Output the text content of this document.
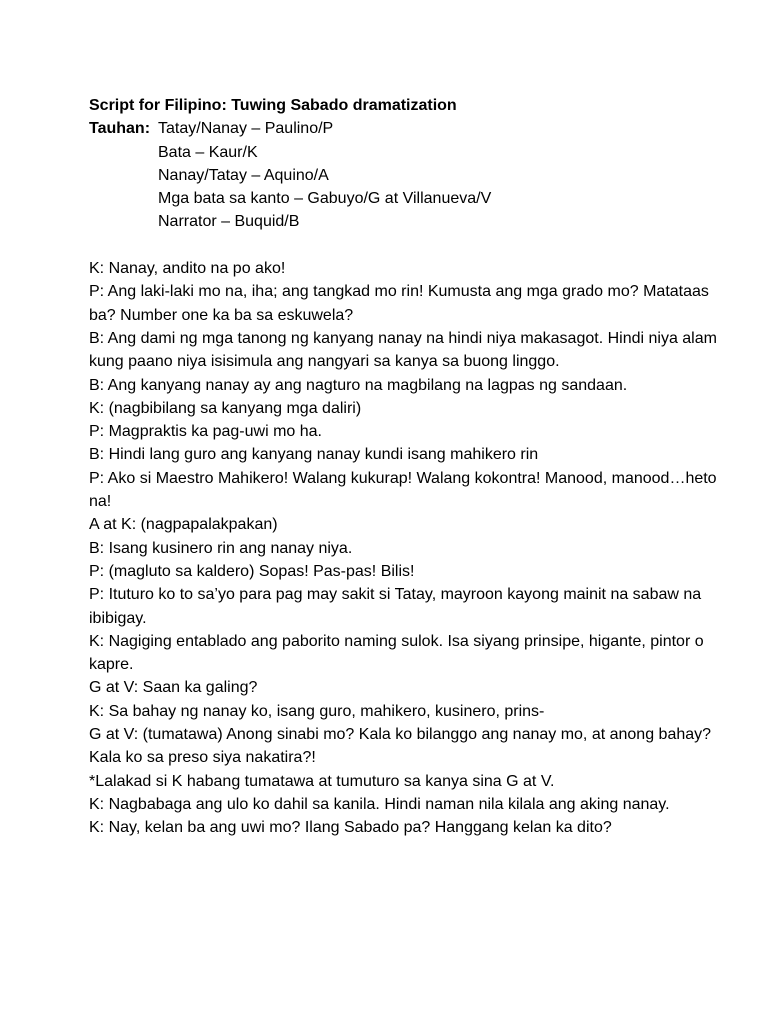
Script for Filipino: Tuwing Sabado dramatization
Tauhan: Tatay/Nanay – Paulino/P
Bata – Kaur/K
Nanay/Tatay – Aquino/A
Mga bata sa kanto – Gabuyo/G at Villanueva/V
Narrator – Buquid/B

K: Nanay, andito na po ako!

P: Ang laki-laki mo na, iha; ang tangkad mo rin! Kumusta ang mga grado mo? Matataas ba? Number one ka ba sa eskuwela?

B: Ang dami ng mga tanong ng kanyang nanay na hindi niya makasagot. Hindi niya alam kung paano niya isisimula ang nangyari sa kanya sa buong linggo.

B: Ang kanyang nanay ay ang nagturo na magbilang na lagpas ng sandaan.

K: (nagbibilang sa kanyang mga daliri)

P: Magpraktis ka pag-uwi mo ha.

B: Hindi lang guro ang kanyang nanay kundi isang mahikero rin

P: Ako si Maestro Mahikero! Walang kukurap! Walang kokontra! Manood, manood…heto na!

A at K: (nagpapalakpakan)

B: Isang kusinero rin ang nanay niya.

P: (magluto sa kaldero) Sopas! Pas-pas! Bilis!

P: Ituturo ko to sa’yo para pag may sakit si Tatay, mayroon kayong mainit na sabaw na ibibigay.

K: Nagiging entablado ang paborito naming sulok. Isa siyang prinsipe, higante, pintor o kapre.

G at V: Saan ka galing?

K: Sa bahay ng nanay ko, isang guro, mahikero, kusinero, prins-

G at V: (tumatawa) Anong sinabi mo? Kala ko bilanggo ang nanay mo, at anong bahay? Kala ko sa preso siya nakatira?!

*Lalakad si K habang tumatawa at tumuturo sa kanya sina G at V.

K: Nagbabaga ang ulo ko dahil sa kanila. Hindi naman nila kilala ang aking nanay.

K: Nay, kelan ba ang uwi mo? Ilang Sabado pa? Hanggang kelan ka dito?
